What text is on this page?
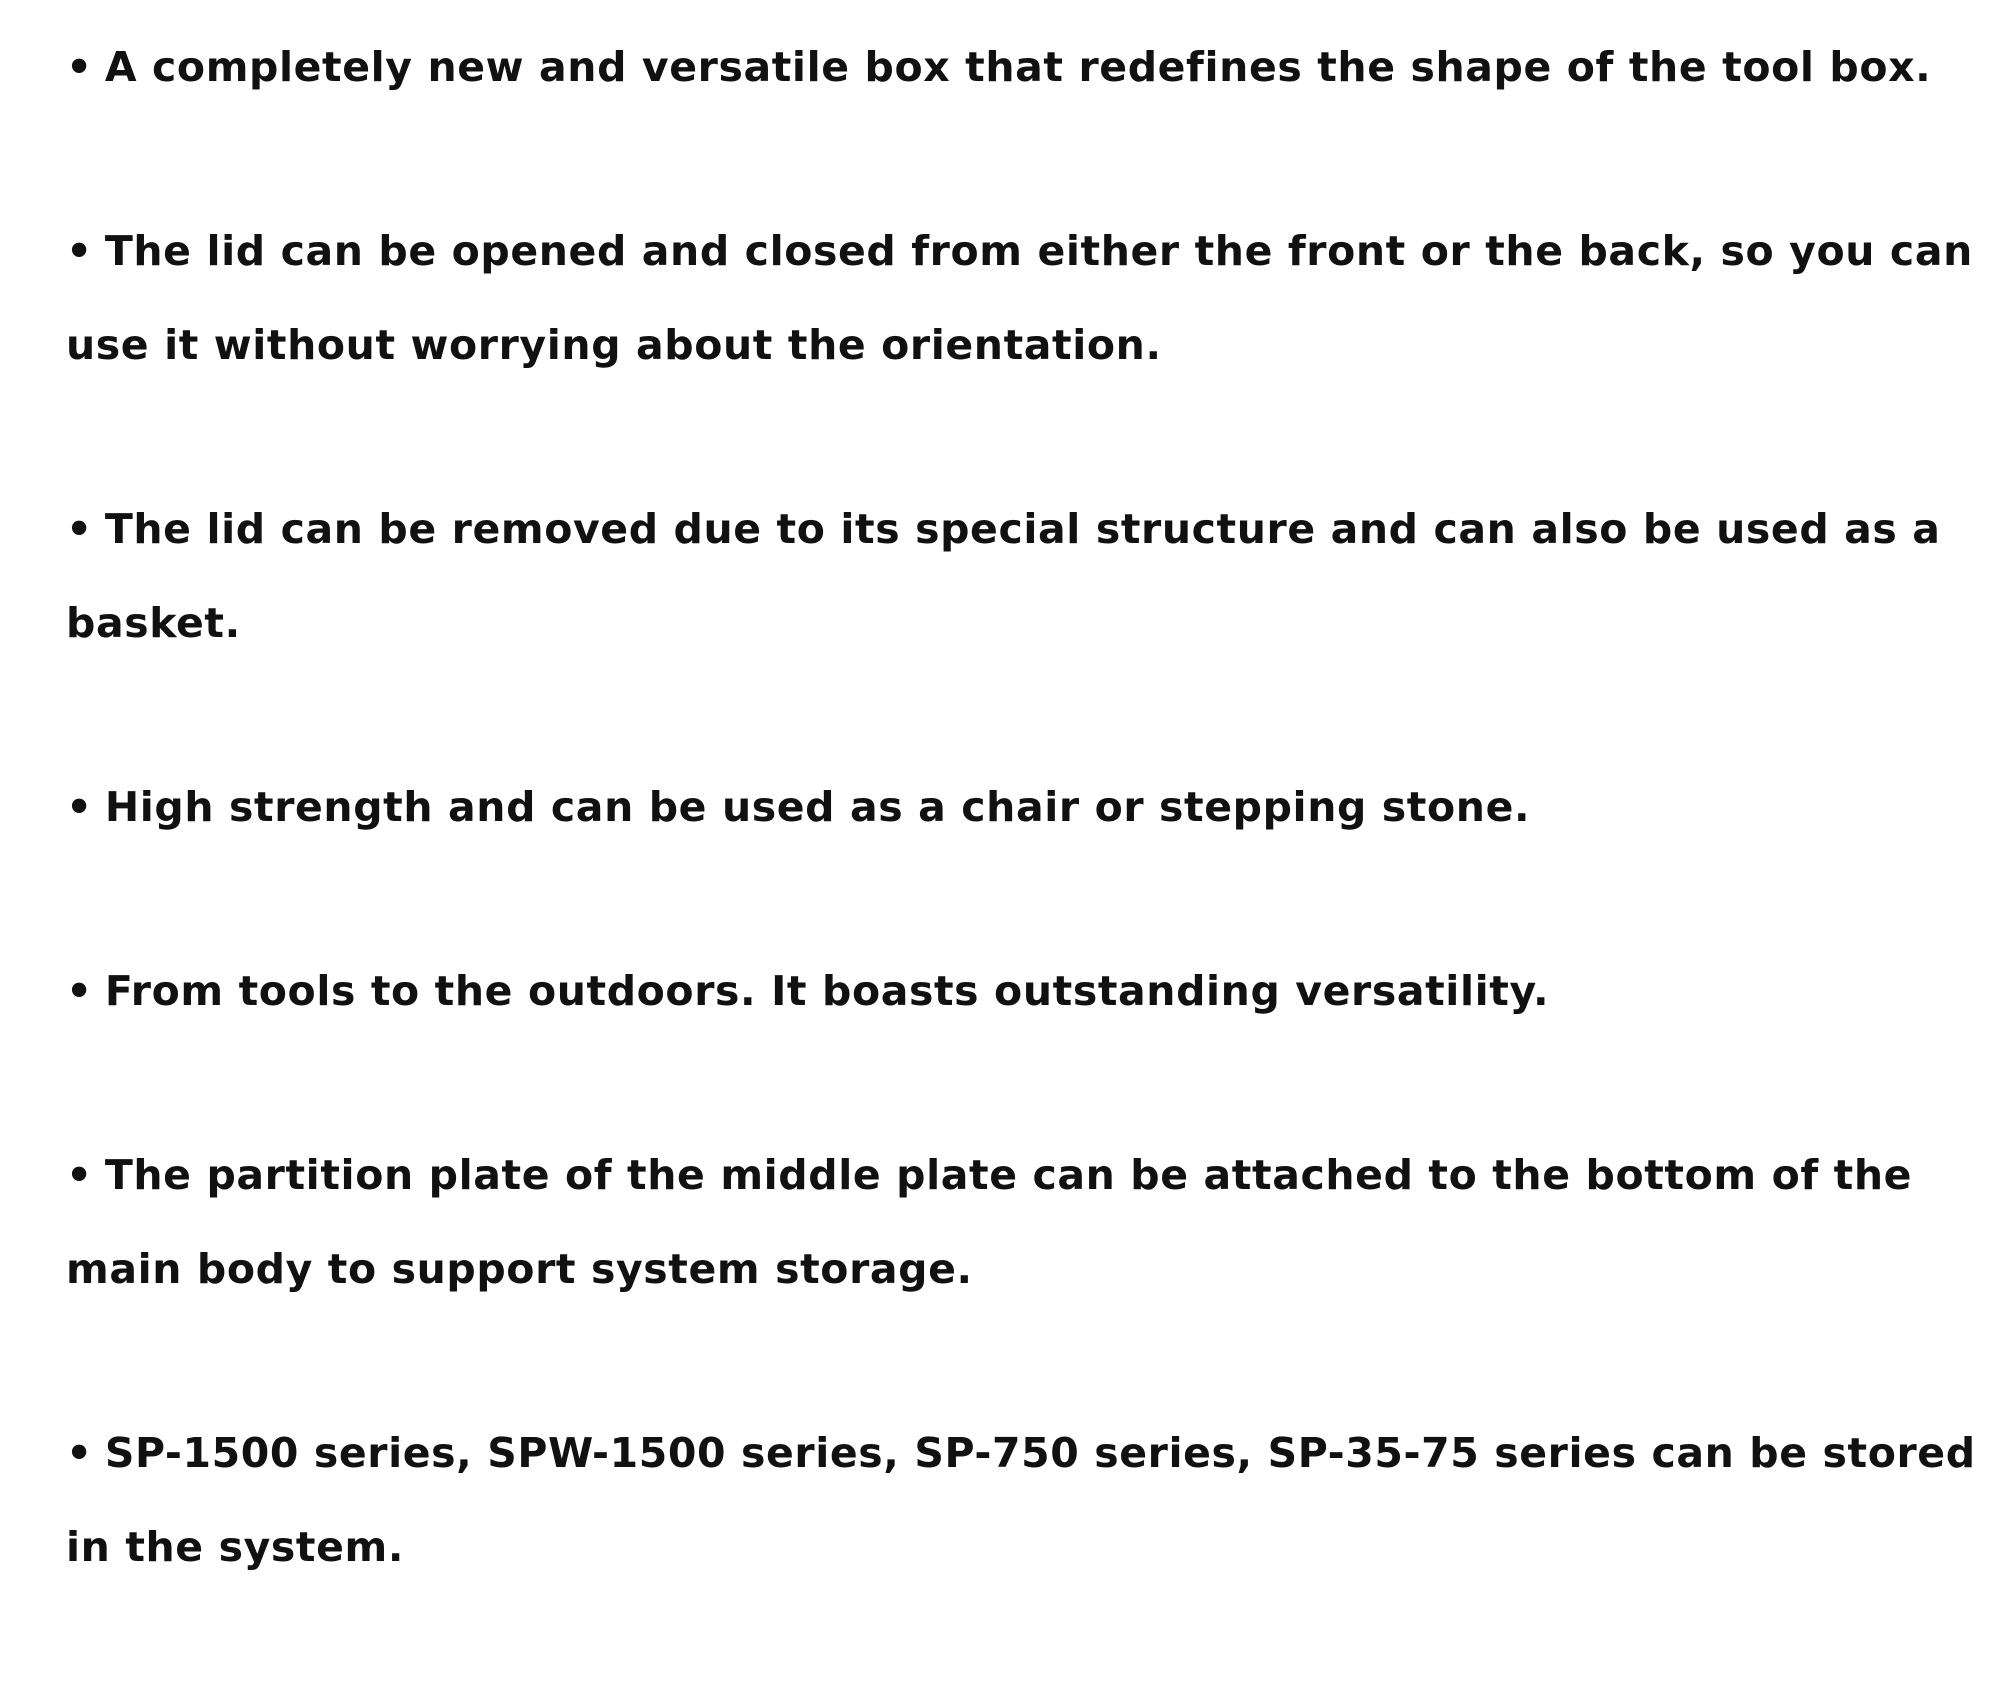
• A completely new and versatile box that redefines the shape of the tool box.
• The lid can be opened and closed from either the front or the back, so you can use it without worrying about the orientation.
• The lid can be removed due to its special structure and can also be used as a basket.
• High strength and can be used as a chair or stepping stone.
• From tools to the outdoors. It boasts outstanding versatility.
• The partition plate of the middle plate can be attached to the bottom of the main body to support system storage.
• SP-1500 series, SPW-1500 series, SP-750 series, SP-35-75 series can be stored in the system.
